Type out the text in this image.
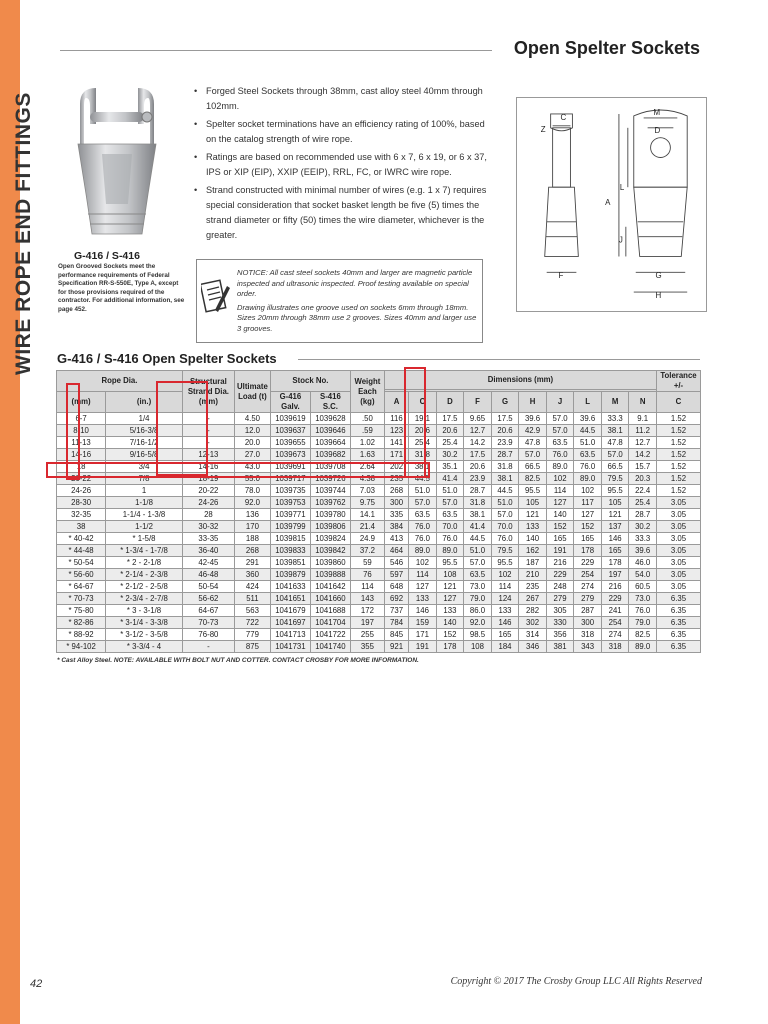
WIRE ROPE END FITTINGS
Open Spelter Sockets
G-416 / S-416
Open Grooved Sockets meet the performance requirements of Federal Specification RR-S-550E, Type A, except for those provisions required of the contractor. For additional information, see page 452.
• Forged Steel Sockets through 38mm, cast alloy steel 40mm through 102mm.
• Spelter socket terminations have an efficiency rating of 100%, based on the catalog strength of wire rope.
• Ratings are based on recommended use with 6 x 7, 6 x 19, or 6 x 37, IPS or XIP (EIP), XXIP (EEIP), RRL, FC, or IWRC wire rope.
• Strand constructed with minimal number of wires (e.g. 1 x 7) requires special consideration that socket basket length be five (5) times the strand diameter or fifty (50) times the wire diameter, whichever is the greater.

NOTICE: All cast steel sockets 40mm and larger are magnetic particle inspected and ultrasonic inspected. Proof testing available on special order.

Drawing illustrates one groove used on sockets 6mm through 18mm. Sizes 20mm through 38mm use 2 grooves. Sizes 40mm and larger use 3 grooves.

C
Z
M
D
L
A
J
F	G
H
G-416 / S-416 Open Spelter Sockets
Rope Dia.		Structural Strand Dia. (mm)	Ultimate Load (t)	Stock No.		Weight Each (kg)	Dimensions (mm)										Tolerance +/-

(mm)	(in.)			G-416 Galv.	S-416 S.C.		A	C	D	F	G	H	J	L	M	N	C
6-7	1/4	-	4.50	1039619	1039628	.50	116	19.1	17.5	9.65	17.5	39.6	57.0	39.6	33.3	9.1	1.52
8-10	5/16-3/8	-	12.0	1039637	1039646	.59	123	20.6	20.6	12.7	20.6	42.9	57.0	44.5	38.1	11.2	1.52
11-13	7/16-1/2	-	20.0	1039655	1039664	1.02	141	25.4	25.4	14.2	23.9	47.8	63.5	51.0	47.8	12.7	1.52
14-16	9/16-5/8	12-13	27.0	1039673	1039682	1.63	171	31.8	30.2	17.5	28.7	57.0	76.0	63.5	57.0	14.2	1.52
18	3/4	14-16	43.0	1039691	1039708	2.64	202	38.1	35.1	20.6	31.8	66.5	89.0	76.0	66.5	15.7	1.52
20-22	7/8	18-19	55.0	1039717	1039726	4.38	235	44.5	41.4	23.9	38.1	82.5	102	89.0	79.5	20.3	1.52
24-26	1	20-22	78.0	1039735	1039744	7.03	268	51.0	51.0	28.7	44.5	95.5	114	102	95.5	22.4	1.52
28-30	1-1/8	24-26	92.0	1039753	1039762	9.75	300	57.0	57.0	31.8	51.0	105	127	117	105	25.4	3.05
32-35	1-1/4 - 1-3/8	28	136	1039771	1039780	14.1	335	63.5	63.5	38.1	57.0	121	140	127	121	28.7	3.05
38	1-1/2	30-32	170	1039799	1039806	21.4	384	76.0	70.0	41.4	70.0	133	152	152	137	30.2	3.05
* 40-42	* 1-5/8	33-35	188	1039815	1039824	24.9	413	76.0	76.0	44.5	76.0	140	165	165	146	33.3	3.05
* 44-48	* 1-3/4 - 1-7/8	36-40	268	1039833	1039842	37.2	464	89.0	89.0	51.0	79.5	162	191	178	165	39.6	3.05
* 50-54	* 2 - 2-1/8	42-45	291	1039851	1039860	59	546	102	95.5	57.0	95.5	187	216	229	178	46.0	3.05
* 56-60	* 2-1/4 - 2-3/8	46-48	360	1039879	1039888	76	597	114	108	63.5	102	210	229	254	197	54.0	3.05
* 64-67	* 2-1/2 - 2-5/8	50-54	424	1041633	1041642	114	648	127	121	73.0	114	235	248	274	216	60.5	3.05
* 70-73	* 2-3/4 - 2-7/8	56-62	511	1041651	1041660	143	692	133	127	79.0	124	267	279	279	229	73.0	6.35
* 75-80	* 3 - 3-1/8	64-67	563	1041679	1041688	172	737	146	133	86.0	133	282	305	287	241	76.0	6.35
* 82-86	* 3-1/4 - 3-3/8	70-73	722	1041697	1041704	197	784	159	140	92.0	146	302	330	300	254	79.0	6.35
* 88-92	* 3-1/2 - 3-5/8	76-80	779	1041713	1041722	255	845	171	152	98.5	165	314	356	318	274	82.5	6.35
* 94-102	* 3-3/4 - 4	-	875	1041731	1041740	355	921	191	178	108	184	346	381	343	318	89.0	6.35
* Cast Alloy Steel. NOTE: AVAILABLE WITH BOLT NUT AND COTTER. CONTACT CROSBY FOR MORE INFORMATION.
42	Copyright © 2017 The Crosby Group LLC All Rights Reserved
